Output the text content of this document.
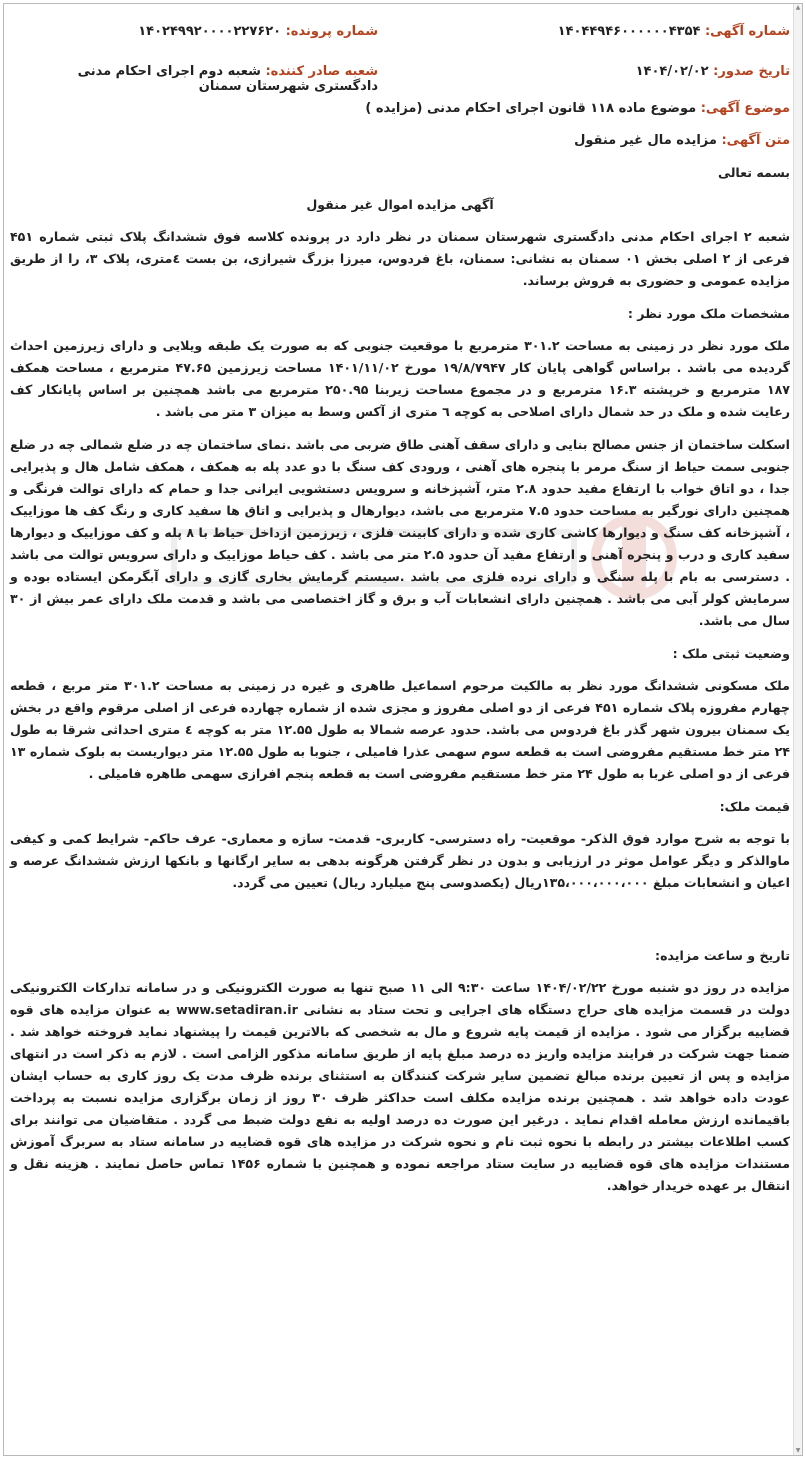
▲
▼
شماره آگهی: ۱۴۰۴۴۹۴۶۰۰۰۰۰۰۴۳۵۴
شماره پرونده: ۱۴۰۲۴۹۹۲۰۰۰۰۲۲۷۶۲۰
تاریخ صدور: ۱۴۰۴/۰۲/۰۲
شعبه صادر کننده: شعبه دوم اجرای احکام مدنی دادگستری شهرستان سمنان
موضوع آگهی: موضوع ماده ۱۱۸ قانون اجرای احکام مدنی (مزایده )
متن آگهی: مزایده مال غیر منقول
بسمه تعالی
آگهی مزایده اموال غیر منقول
شعبه ۲ اجرای احکام مدنی دادگستری شهرستان سمنان در نظر دارد در پرونده کلاسه فوق ششدانگ پلاک ثبتی شماره ۴۵۱ فرعی از ۲ اصلی بخش ۰۱ سمنان به نشانی: سمنان، باغ فردوس، میرزا بزرگ شیرازی، بن بست ٤متری، پلاک ۳، را از طریق مزایده عمومی و حضوری به فروش برساند.
مشخصات ملک مورد نظر :
ملک مورد نظر در زمینی به مساحت ۳۰۱.۲ مترمربع با موقعیت جنوبی که به صورت یک طبقه ویلایی و دارای زیرزمین احداث گردیده می باشد . براساس گواهی پایان کار ۱۹/۸/۷۹۴۷ مورخ ۱۴۰۱/۱۱/۰۲ مساحت زیرزمین ۴۷.۶۵ مترمربع ، مساحت همکف ۱۸۷ مترمربع و خرپشته ۱۶.۳ مترمربع و در مجموع مساحت زیربنا ۲۵۰.۹۵ مترمربع می باشد همچنین بر اساس پایانکار کف رعایت شده و ملک در حد شمال دارای اصلاحی به کوچه ٦ متری از آکس وسط به میزان ۳ متر می باشد .
اسکلت ساختمان از جنس مصالح بنایی و دارای سقف آهنی طاق ضربی می باشد .نمای ساختمان چه در ضلع شمالی چه در ضلع جنوبی سمت حیاط از سنگ مرمر با پنجره های آهنی ، ورودی کف سنگ با دو عدد پله به همکف ، همکف شامل هال و پذیرایی جدا ، دو اتاق خواب با ارتفاع مفید حدود ۲.۸ متر، آشپزخانه و سرویس دستشویی ایرانی جدا و حمام که دارای توالت فرنگی و همچنین دارای نورگیر به مساحت حدود ۷.۵ مترمربع می باشد، دیوارهال و پذیرایی و اتاق ها سفید کاری و رنگ کف ها موزاییک ، آشپزخانه کف سنگ و دیوارها کاشی کاری شده و دارای کابینت فلزی ، زیرزمین ازداخل حیاط با ۸ پله و کف موزاییک و دیوارها سفید کاری و درب و پنجره آهنی و ارتفاع مفید آن حدود ۲.۵ متر می باشد . کف حیاط موزاییک و دارای سرویس توالت می باشد . دسترسی به بام با پله سنگی و دارای نرده فلزی می باشد .سیستم گرمایش بخاری گازی و دارای آبگرمکن ایستاده بوده و سرمایش کولر آبی می باشد . همچنین دارای انشعابات آب و برق و گاز اختصاصی می باشد و قدمت ملک دارای عمر بیش از ۳۰ سال می باشد.
وضعیت ثبتی ملک :
ملک مسکونی ششدانگ مورد نظر به مالکیت مرحوم اسماعیل طاهری و غیره در زمینی به مساحت ۳۰۱.۲ متر مربع ، قطعه چهارم مفروزه پلاک شماره ۴۵۱ فرعی از دو اصلی مفروز و مجزی شده از شماره چهارده فرعی از اصلی مرقوم واقع در بخش یک سمنان بیرون شهر گذر باغ فردوس می باشد. حدود عرصه شمالا به طول ۱۲.۵۵ متر به کوچه ٤ متری احداثی شرقا به طول ۲۴ متر خط مستقیم مفروضی است به قطعه سوم سهمی عذرا فامیلی ، جنوبا به طول ۱۲.۵۵ متر دیواریست به بلوک شماره ۱۳ فرعی از دو اصلی غربا به طول ۲۴ متر خط مستقیم مفروضی است به قطعه پنجم افرازی سهمی طاهره فامیلی .
قیمت ملک:
با توجه به شرح موارد فوق الذکر- موقعیت- راه دسترسی- کاربری- قدمت- سازه و معماری- عرف حاکم- شرایط کمی و کیفی ماوالذکر و دیگر عوامل موثر در ارزیابی و بدون در نظر گرفتن هرگونه بدهی به سایر ارگانها و بانکها ارزش ششدانگ عرصه و اعیان و انشعابات مبلغ ۱۳۵،۰۰۰،۰۰۰،۰۰۰ریال (یکصدوسی پنج میلیارد ریال) تعیین می گردد.
تاریخ و ساعت مزایده:
مزایده در روز دو شنبه مورخ ۱۴۰۴/۰۲/۲۲ ساعت ۹:۳۰ الی ۱۱ صبح تنها به صورت الکترونیکی و در سامانه تدارکات الکترونیکی دولت در قسمت مزایده های حراج دستگاه های اجرایی و تحت ستاد به نشانی www.setadiran.ir به عنوان مزایده های قوه قضاییه برگزار می شود . مزایده از قیمت پایه شروع و مال به شخصی که بالاترین قیمت را پیشنهاد نماید فروخته خواهد شد . ضمنا جهت شرکت در فرایند مزایده واریز ده درصد مبلغ پایه از طریق سامانه مذکور الزامی است . لازم به ذکر است در انتهای مزایده و پس از تعیین برنده مبالغ تضمین سایر شرکت کنندگان به استثنای برنده ظرف مدت یک روز کاری به حساب ایشان عودت داده خواهد شد . همچنین برنده مزایده مکلف است حداکثر ظرف ۳۰ روز از زمان برگزاری مزایده نسبت به پرداخت باقیمانده ارزش معامله اقدام نماید . درغیر این صورت ده درصد اولیه به نفع دولت ضبط می گردد . متقاضیان می توانند برای کسب اطلاعات بیشتر در رابطه با نحوه ثبت نام و نحوه شرکت در مزایده های قوه قضاییه در سامانه ستاد به سربرگ آموزش مستندات مزایده های قوه قضاییه در سایت ستاد مراجعه نموده و همچنین با شماره ۱۴۵۶ تماس حاصل نمایند . هزینه نقل و انتقال بر عهده خریدار خواهد.
